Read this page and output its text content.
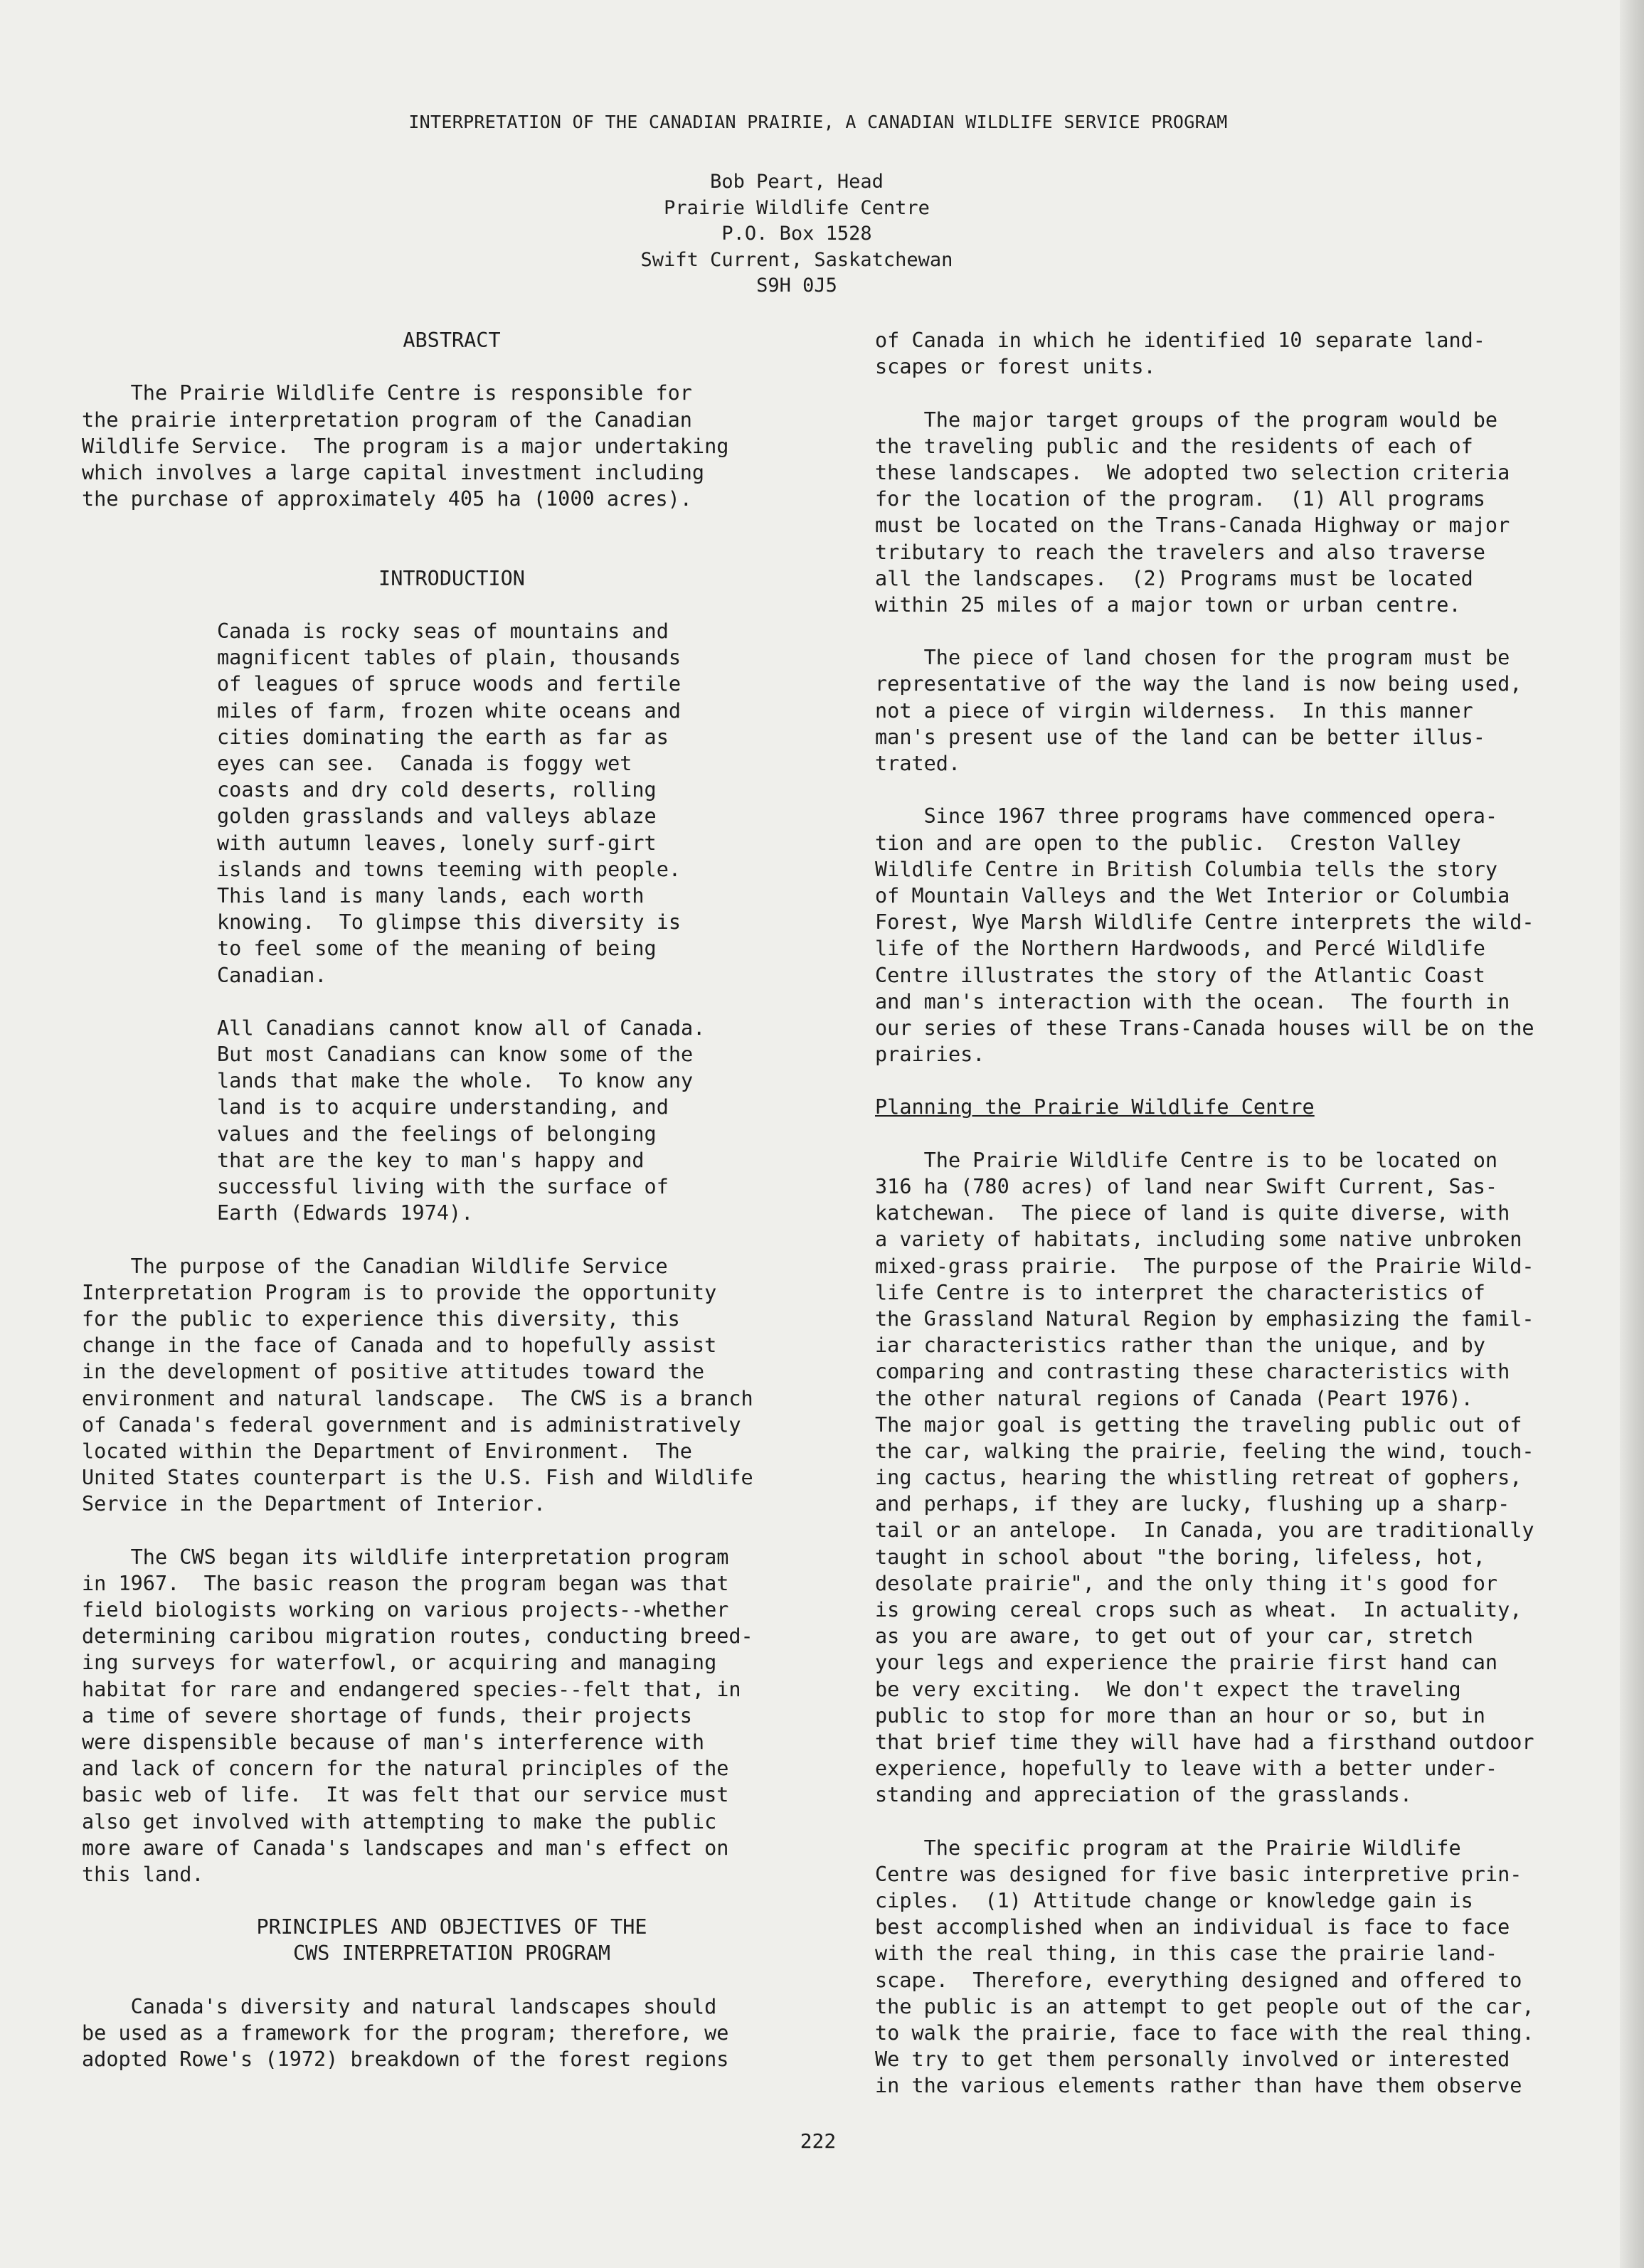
INTERPRETATION OF THE CANADIAN PRAIRIE, A CANADIAN WILDLIFE SERVICE PROGRAM
Bob Peart, Head
Prairie Wildlife Centre
P.O. Box 1528
Swift Current, Saskatchewan
S9H 0J5
ABSTRACT

The Prairie Wildlife Centre is responsible for
the prairie interpretation program of the Canadian
Wildlife Service.  The program is a major undertaking
which involves a large capital investment including
the purchase of approximately 405 ha (1000 acres).

INTRODUCTION

Canada is rocky seas of mountains and
magnificent tables of plain, thousands
of leagues of spruce woods and fertile
miles of farm, frozen white oceans and
cities dominating the earth as far as
eyes can see.  Canada is foggy wet
coasts and dry cold deserts, rolling
golden grasslands and valleys ablaze
with autumn leaves, lonely surf-girt
islands and towns teeming with people.
This land is many lands, each worth
knowing.  To glimpse this diversity is
to feel some of the meaning of being
Canadian.

All Canadians cannot know all of Canada.
But most Canadians can know some of the
lands that make the whole.  To know any
land is to acquire understanding, and
values and the feelings of belonging
that are the key to man's happy and
successful living with the surface of
Earth (Edwards 1974).

The purpose of the Canadian Wildlife Service
Interpretation Program is to provide the opportunity
for the public to experience this diversity, this
change in the face of Canada and to hopefully assist
in the development of positive attitudes toward the
environment and natural landscape.  The CWS is a branch
of Canada's federal government and is administratively
located within the Department of Environment.  The
United States counterpart is the U.S. Fish and Wildlife
Service in the Department of Interior.

The CWS began its wildlife interpretation program
in 1967.  The basic reason the program began was that
field biologists working on various projects--whether
determining caribou migration routes, conducting breed-
ing surveys for waterfowl, or acquiring and managing
habitat for rare and endangered species--felt that, in
a time of severe shortage of funds, their projects
were dispensible because of man's interference with
and lack of concern for the natural principles of the
basic web of life.  It was felt that our service must
also get involved with attempting to make the public
more aware of Canada's landscapes and man's effect on
this land.

PRINCIPLES AND OBJECTIVES OF THE
CWS INTERPRETATION PROGRAM

Canada's diversity and natural landscapes should
be used as a framework for the program; therefore, we
adopted Rowe's (1972) breakdown of the forest regions

of Canada in which he identified 10 separate land-
scapes or forest units.

The major target groups of the program would be
the traveling public and the residents of each of
these landscapes.  We adopted two selection criteria
for the location of the program.  (1) All programs
must be located on the Trans-Canada Highway or major
tributary to reach the travelers and also traverse
all the landscapes.  (2) Programs must be located
within 25 miles of a major town or urban centre.

The piece of land chosen for the program must be
representative of the way the land is now being used,
not a piece of virgin wilderness.  In this manner
man's present use of the land can be better illus-
trated.

Since 1967 three programs have commenced opera-
tion and are open to the public.  Creston Valley
Wildlife Centre in British Columbia tells the story
of Mountain Valleys and the Wet Interior or Columbia
Forest, Wye Marsh Wildlife Centre interprets the wild-
life of the Northern Hardwoods, and Percé Wildlife
Centre illustrates the story of the Atlantic Coast
and man's interaction with the ocean.  The fourth in
our series of these Trans-Canada houses will be on the
prairies.

Planning the Prairie Wildlife Centre

The Prairie Wildlife Centre is to be located on
316 ha (780 acres) of land near Swift Current, Sas-
katchewan.  The piece of land is quite diverse, with
a variety of habitats, including some native unbroken
mixed-grass prairie.  The purpose of the Prairie Wild-
life Centre is to interpret the characteristics of
the Grassland Natural Region by emphasizing the famil-
iar characteristics rather than the unique, and by
comparing and contrasting these characteristics with
the other natural regions of Canada (Peart 1976).
The major goal is getting the traveling public out of
the car, walking the prairie, feeling the wind, touch-
ing cactus, hearing the whistling retreat of gophers,
and perhaps, if they are lucky, flushing up a sharp-
tail or an antelope.  In Canada, you are traditionally
taught in school about "the boring, lifeless, hot,
desolate prairie", and the only thing it's good for
is growing cereal crops such as wheat.  In actuality,
as you are aware, to get out of your car, stretch
your legs and experience the prairie first hand can
be very exciting.  We don't expect the traveling
public to stop for more than an hour or so, but in
that brief time they will have had a firsthand outdoor
experience, hopefully to leave with a better under-
standing and appreciation of the grasslands.

The specific program at the Prairie Wildlife
Centre was designed for five basic interpretive prin-
ciples.  (1) Attitude change or knowledge gain is
best accomplished when an individual is face to face
with the real thing, in this case the prairie land-
scape.  Therefore, everything designed and offered to
the public is an attempt to get people out of the car,
to walk the prairie, face to face with the real thing.
We try to get them personally involved or interested
in the various elements rather than have them observe

222
